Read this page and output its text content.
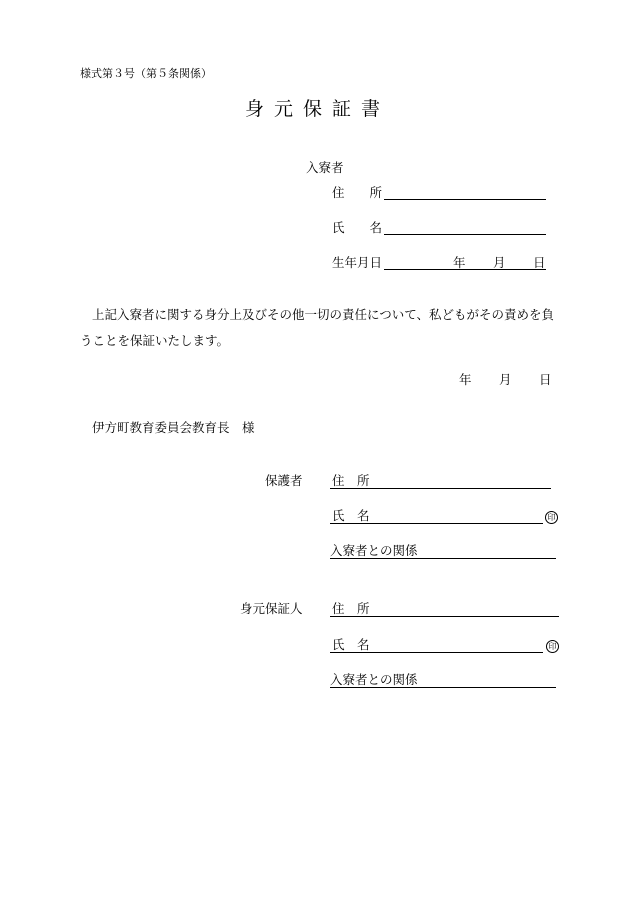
様式第３号（第５条関係）
身元保証書
入寮者
住　　所
氏　　名
生年月日	年 月 日
上記入寮者に関する身分上及びその他一切の責任について、私どもがその責めを負うことを保証いたします。
年 月 日
伊方町教育委員会教育長　様
保護者 住　所
氏　名	印
入寮者との関係
身元保証人 住　所
氏　名	印
入寮者との関係
